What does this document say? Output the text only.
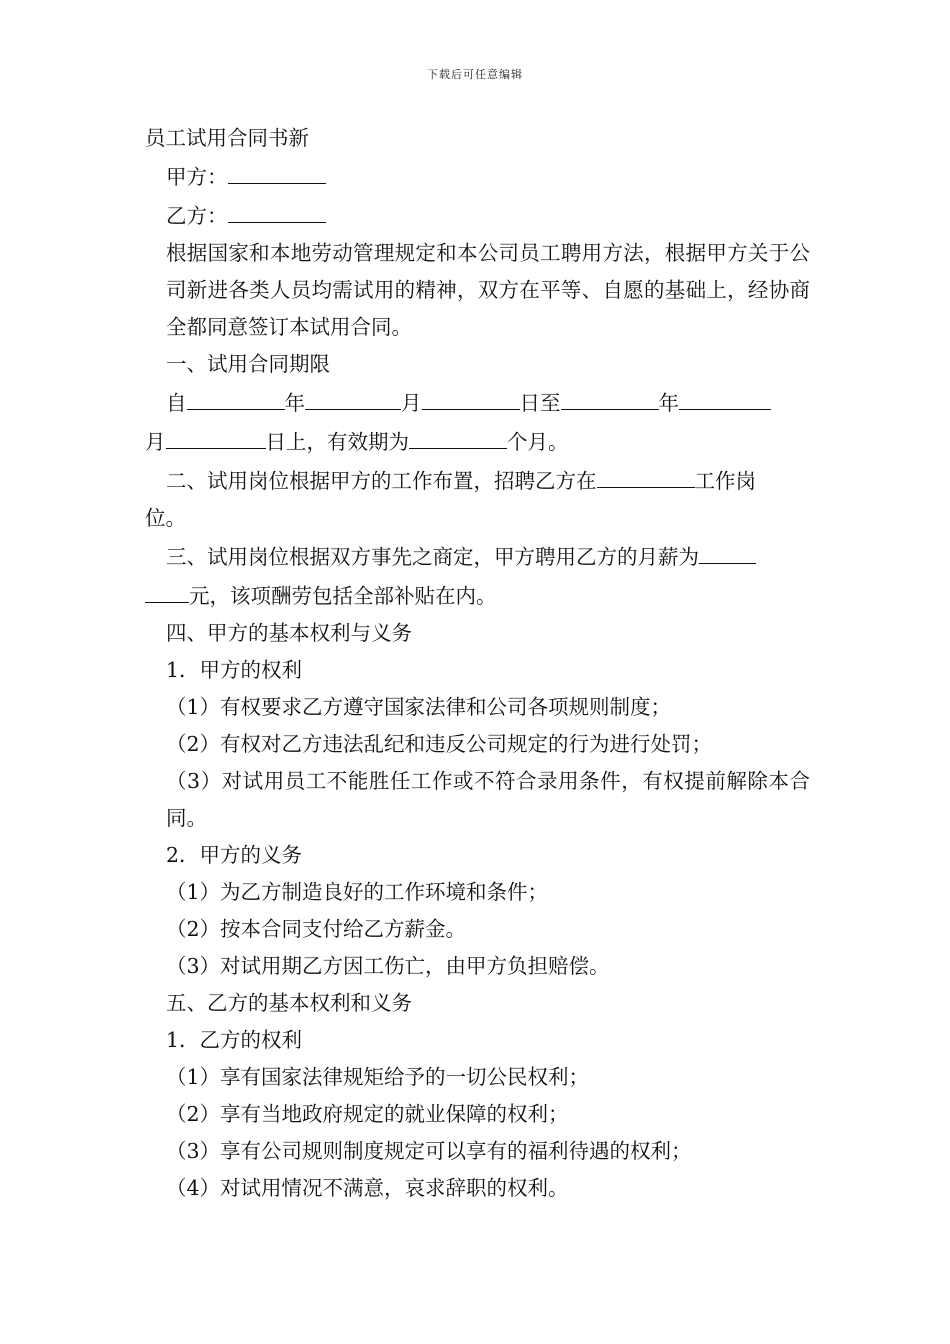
下载后可任意编辑

员工试用合同书新

甲方：

乙方：

根据国家和本地劳动管理规定和本公司员工聘用方法，根据甲方关于公司新进各类人员均需试用的精神，双方在平等、自愿的基础上，经协商全都同意签订本试用合同。

一、试用合同期限

自	年	月	日至	年

月	日上，有效期为	个月。

二、试用岗位根据甲方的工作布置，招聘乙方在	工作岗

位。

三、试用岗位根据双方事先之商定，甲方聘用乙方的月薪为

元，该项酬劳包括全部补贴在内。

四、甲方的基本权利与义务

1．甲方的权利

（1）有权要求乙方遵守国家法律和公司各项规则制度；

（2）有权对乙方违法乱纪和违反公司规定的行为进行处罚；

（3）对试用员工不能胜任工作或不符合录用条件，有权提前解除本合同。

2．甲方的义务

（1）为乙方制造良好的工作环境和条件；

（2）按本合同支付给乙方薪金。

（3）对试用期乙方因工伤亡，由甲方负担赔偿。

五、乙方的基本权利和义务

1．乙方的权利

（1）享有国家法律规矩给予的一切公民权利；

（2）享有当地政府规定的就业保障的权利；

（3）享有公司规则制度规定可以享有的福利待遇的权利；

（4）对试用情况不满意，哀求辞职的权利。
